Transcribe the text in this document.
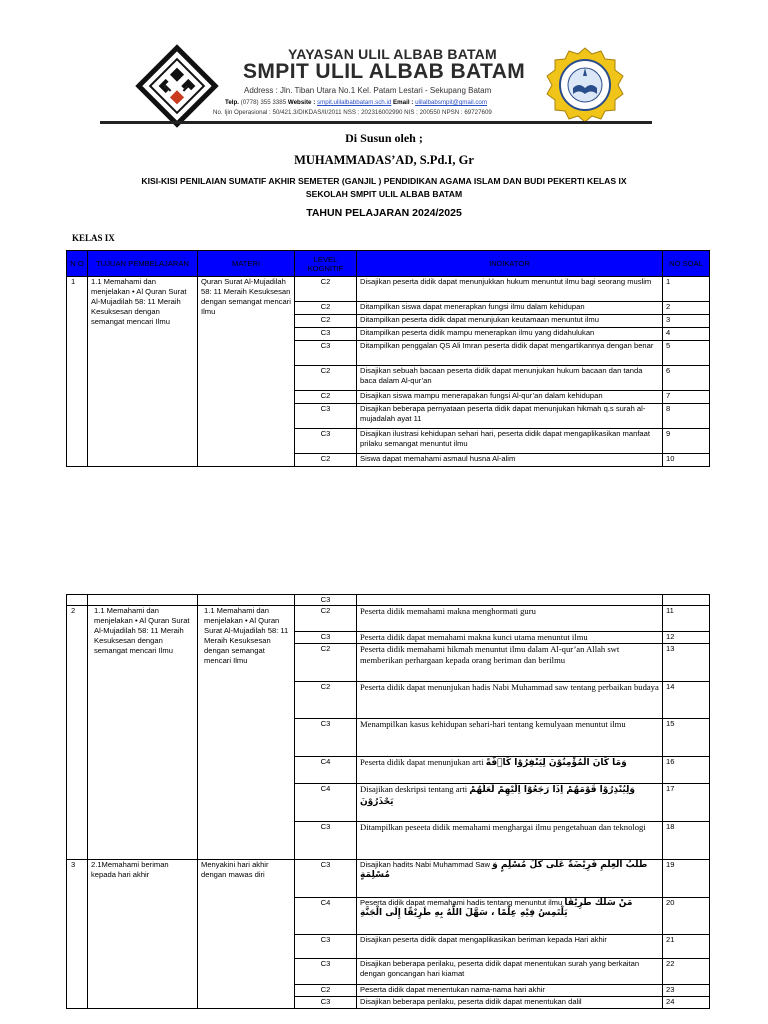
YAYASAN ULIL ALBAB BATAM
SMPIT ULIL ALBAB BATAM
Address : Jln. Tiban Utara No.1 Kel. Patam Lestari - Sekupang Batam
Telp. (0778) 355 3385 Website : smpit.ulilalbabbatam.sch.id Email : ulilalbabsmpit@gmail.com
No. Ijin Operasional : 50/421.3/DIKDAS/II/2011 NSS : 202316002990 NIS : 200550 NPSN : 69727609
Di Susun oleh ;
MUHAMMADAS’AD, S.Pd.I, Gr
KISI-KISI PENILAIAN SUMATIF AKHIR SEMETER (GANJIL ) PENDIDIKAN AGAMA ISLAM DAN BUDI PEKERTI KELAS IX
SEKOLAH SMPIT ULIL ALBAB BATAM
TAHUN PELAJARAN 2024/2025
KELAS IX
N O	TUJUAN PEMBELAJARAN	MATERI	LEVEL KOGNITIF	INDIKATOR	NO SOAL
1	1.1 Memahami dan menjelakan • Al Quran Surat Al-Mujadilah 58: 11 Meraih Kesuksesan dengan semangat mencari Ilmu	Quran Surat Al-Mujadilah 58: 11 Meraih Kesuksesan dengan semangat mencari Ilmu	C2	Disajikan peserta didik dapat menunjukkan hukum menuntut ilmu bagi seorang muslim	1
			C2	Ditampilkan siswa dapat menerapkan fungsi ilmu dalam kehidupan	2
			C2	Ditampilkan peserta didik dapat menunjukan keutamaan menuntut ilmu	3
			C3	Ditampilkan peserta didik mampu menerapkan ilmu yang didahulukan	4
			C3	Ditampilkan penggalan QS Ali Imran peserta didik dapat mengartikannya dengan benar	5
			C2	Disajikan sebuah bacaan peserta didik dapat menunjukan hukum bacaan dan tanda baca dalam Al-qur’an	6
			C2	Disajikan siswa mampu menerapakan fungsi Al-qur’an dalam kehidupan	7
			C3	Disajikan beberapa pernyataan peserta didik dapat menunjukan hikmah q.s surah al-mujadalah ayat 11	8
			C3	Disajikan ilustrasi kehidupan sehari hari, peserta didik dapat mengaplikasikan manfaat prilaku semangat menuntut ilmu	9
			C2	Siswa dapat memahami asmaul husna Al-alim	10
			C3		
2	1.1 Memahami dan menjelakan • Al Quran Surat Al-Mujadilah 58: 11 Meraih Kesuksesan dengan semangat mencari Ilmu	1.1 Memahami dan menjelakan • Al Quran Surat Al-Mujadilah 58: 11 Meraih Kesuksesan dengan semangat mencari Ilmu	C2	Peserta didik memahami makna menghormati guru	11
			C3	Peserta didik dapat memahami makna kunci utama menuntut ilmu	12
			C2	Peserta didik memahami hikmah menuntut ilmu dalam Al-qur’an Allah swt memberikan perhargaan kepada orang beriman dan berilmu	13
			C2	Peserta didik dapat menunjukan hadis Nabi Muhammad saw tentang perbaikan budaya	14
			C3	Menampilkan kasus kehidupan sehari-hari tentang kemulyaan menuntut ilmu	15
			C4	Peserta didik dapat menunjukan arti وَمَا كَانَ الْمُؤْمِنُوْنَ لِيَنْفِرُوْا كَاۤفَّةً	16
			C4	Disajikan deskripsi tentang arti وَلِيُنْذِرُوْا قَوْمَهُمْ اِذَا رَجَعُوْٓا اِلَيْهِمْ لَعَلَّهُمْ يَحْذَرُوْنَ	17
			C3	Ditampilkan peseeta didik memahami menghargai ilmu pengetahuan dan teknologi	18
3	2.1Memahami beriman kepada hari akhir	Menyakini hari akhir dengan mawas diri	C3	Disajikan hadits Nabi Muhammad Saw طَلَبُ الْعِلْمِ فَرِيْضَةٌ عَلَى كُلِّ مُسْلِمٍ وَ مُسْلِمَةٍ	19
			C4	Peserta didik dapat memahami hadis tentang menuntut ilmu مَنْ سَلَكَ طَرِيْقًا يَلْتَمِسُ فِيْهِ عِلْمًا ، سَهَّلَ اللَّهُ بِهِ طَرِيْقًا إِلَى الْجَنَّةِ	20
			C3	Disajikan peserta didik dapat mengaplikasikan beriman kepada Hari akhir	21
			C3	Disajikan beberapa perilaku, peserta didik dapat menentukan surah yang berkaitan dengan goncangan hari kiamat	22
			C2	Peserta didik dapat menentukan nama-nama hari akhir	23
			C3	Disajikan beberapa perilaku, peserta didik dapat menentukan dalil	24
